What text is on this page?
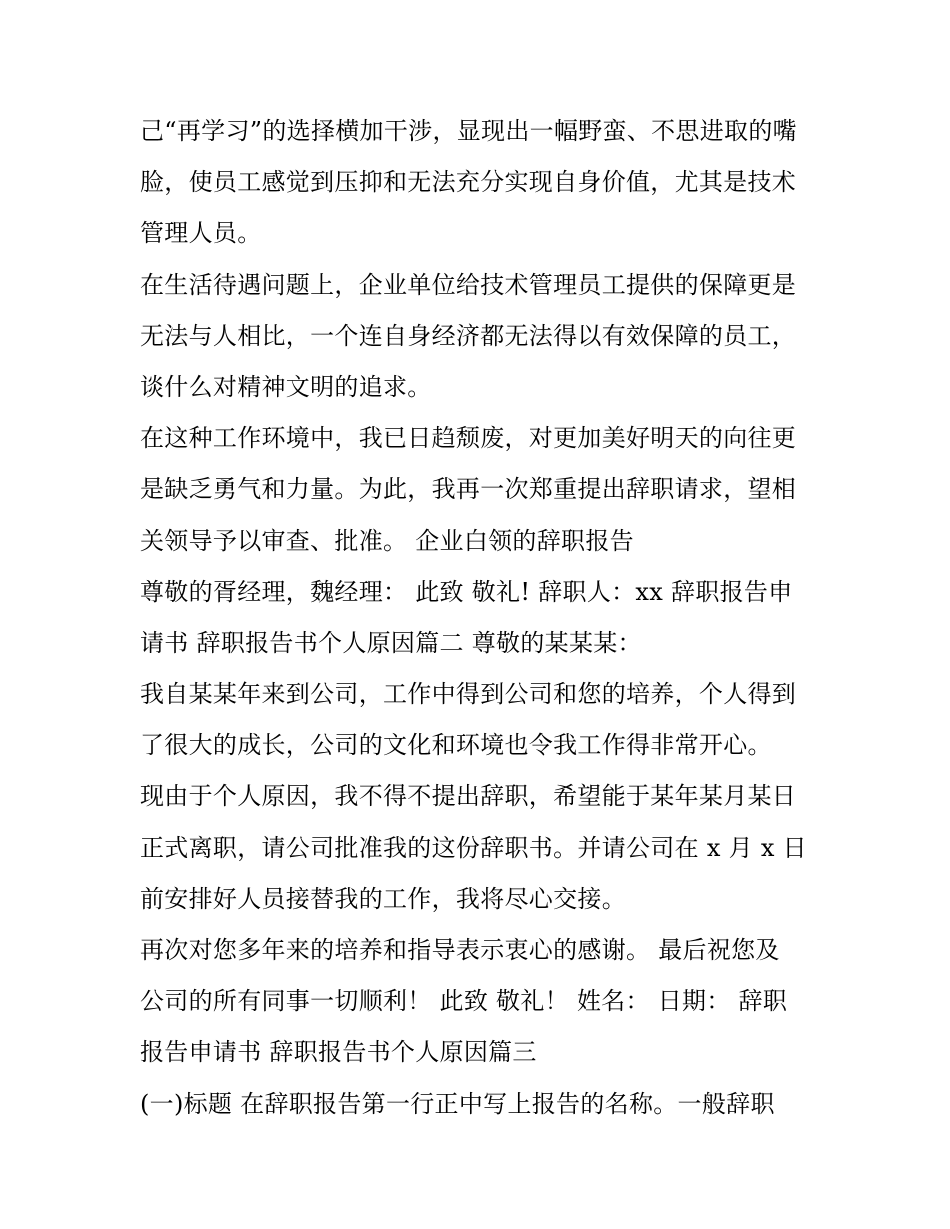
己“再学习”的选择横加干涉，显现出一幅野蛮、不思进取的嘴
脸，使员工感觉到压抑和无法充分实现自身价值，尤其是技术
管理人员。
在生活待遇问题上，企业单位给技术管理员工提供的保障更是
无法与人相比，一个连自身经济都无法得以有效保障的员工，
谈什么对精神文明的追求。
在这种工作环境中，我已日趋颓废，对更加美好明天的向往更
是缺乏勇气和力量。为此，我再一次郑重提出辞职请求，望相
关领导予以审查、批准。 企业白领的辞职报告
尊敬的胥经理，魏经理： 此致 敬礼! 辞职人：xx 辞职报告申
请书 辞职报告书个人原因篇二 尊敬的某某某：
我自某某年来到公司，工作中得到公司和您的培养，个人得到
了很大的成长，公司的文化和环境也令我工作得非常开心。
现由于个人原因，我不得不提出辞职，希望能于某年某月某日
正式离职，请公司批准我的这份辞职书。并请公司在 x 月 x 日
前安排好人员接替我的工作，我将尽心交接。
再次对您多年来的培养和指导表示衷心的感谢。 最后祝您及
公司的所有同事一切顺利！ 此致 敬礼！ 姓名： 日期： 辞职
报告申请书 辞职报告书个人原因篇三
(一)标题 在辞职报告第一行正中写上报告的名称。一般辞职
